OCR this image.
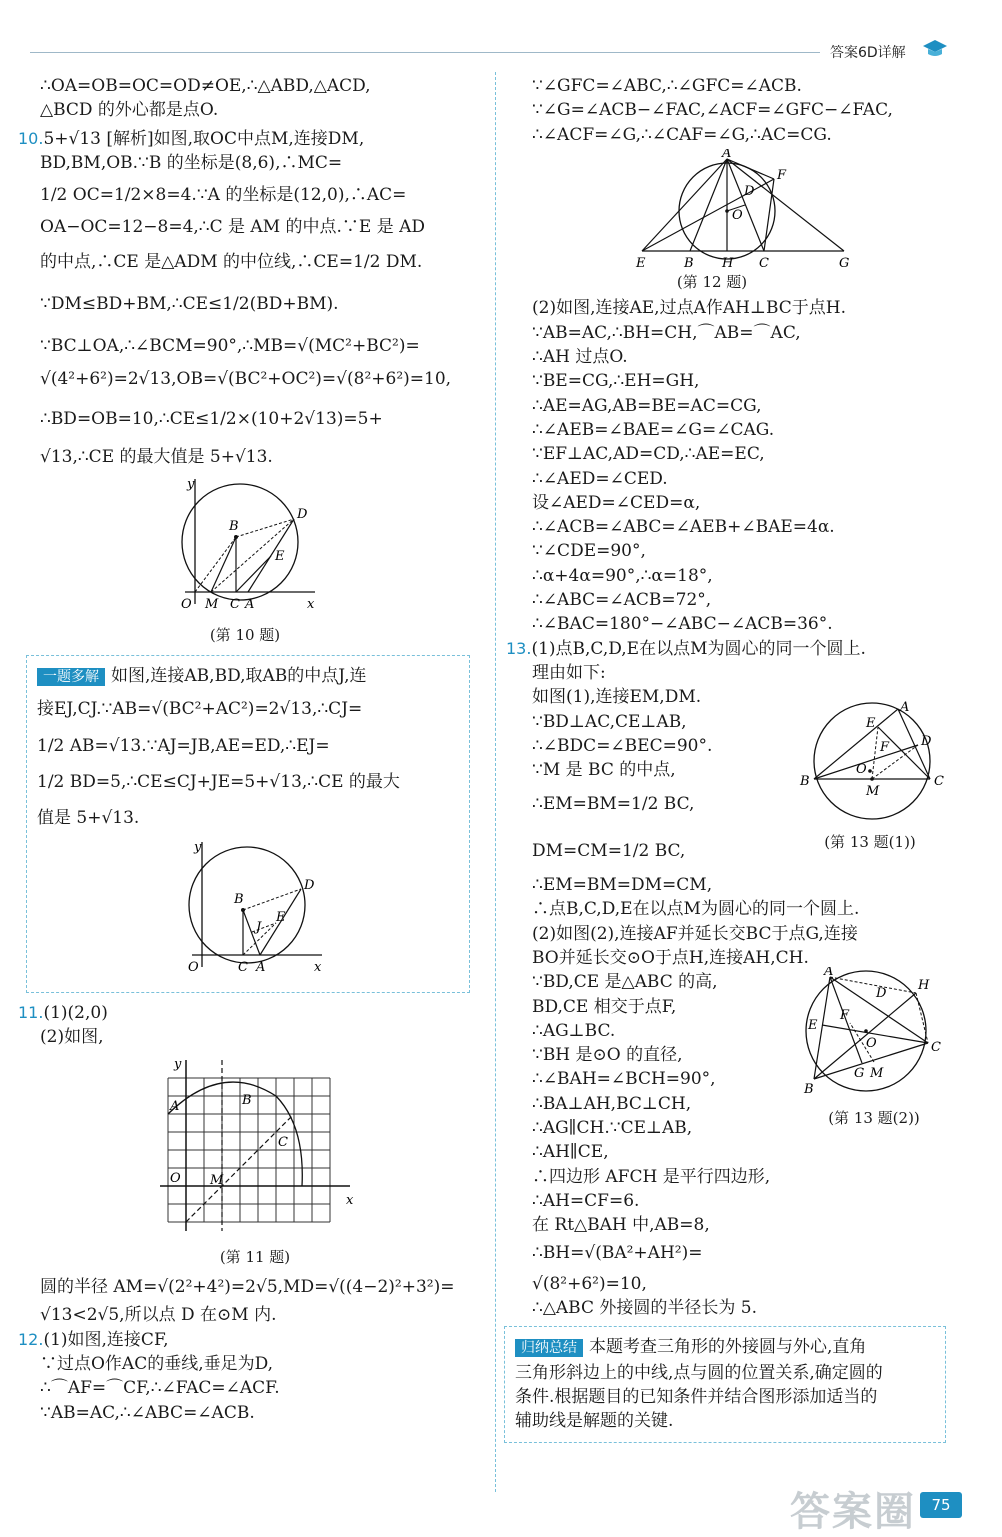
答案6D详解
∴OA=OB=OC=OD≠OE,∴△ABD,△ACD,
△BCD 的外心都是点O.
10.5+√13 [解析]如图,取OC中点M,连接DM,
BD,BM,OB.∵B 的坐标是(8,6),∴MC=
1/2 OC=1/2×8=4.∵A 的坐标是(12,0),∴AC=
OA−OC=12−8=4,∴C 是 AM 的中点.∵E 是 AD
的中点,∴CE 是△ADM 的中位线,∴CE=1/2 DM.
∵DM≤BD+BM,∴CE≤1/2(BD+BM).
∵BC⊥OA,∴∠BCM=90°,∴MB=√(MC²+BC²)=
√(4²+6²)=2√13,OB=√(BC²+OC²)=√(8²+6²)=10,
∴BD=OB=10,∴CE≤1/2×(10+2√13)=5+
√13,∴CE 的最大值是 5+√13.
y
B
D
E
O M C A	x
(第 10 题)
一题多解 如图,连接AB,BD,取AB的中点J,连
接EJ,CJ.∵AB=√(BC²+AC²)=2√13,∴CJ=
1/2 AB=√13.∵AJ=JB,AE=ED,∴EJ=
1/2 BD=5,∴CE≤CJ+JE=5+√13,∴CE 的最大
值是 5+√13.
y
B
J
D
E
O	C A	x
11.(1)(2,0)
(2)如图,
y
A	B
C
O M
x
(第 11 题)
圆的半径 AM=√(2²+4²)=2√5,MD=√((4−2)²+3²)=
√13<2√5,所以点 D 在⊙M 内.
12.(1)如图,连接CF,
∵过点O作AC的垂线,垂足为D,
∴⌒AF=⌒CF,∴∠FAC=∠ACF.
∵AB=AC,∴∠ABC=∠ACB.
∵∠GFC=∠ABC,∴∠GFC=∠ACB.
∵∠G=∠ACB−∠FAC,∠ACF=∠GFC−∠FAC,
∴∠ACF=∠G,∴∠CAF=∠G,∴AC=CG.
A
F
D
O
E	B H C	G
(第 12 题)
(2)如图,连接AE,过点A作AH⊥BC于点H.
∵AB=AC,∴BH=CH,⌒AB=⌒AC,
∴AH 过点O.
∵BE=CG,∴EH=GH,
∴AE=AG,AB=BE=AC=CG,
∴∠AEB=∠BAE=∠G=∠CAG.
∵EF⊥AC,AD=CD,∴AE=EC,
∴∠AED=∠CED.
设∠AED=∠CED=α,
∴∠ACB=∠ABC=∠AEB+∠BAE=4α.
∵∠CDE=90°,
∴α+4α=90°,∴α=18°,
∴∠ABC=∠ACB=72°,
∴∠BAC=180°−∠ABC−∠ACB=36°.
13.(1)点B,C,D,E在以点M为圆心的同一个圆上.
理由如下:
如图(1),连接EM,DM.
∵BD⊥AC,CE⊥AB,
∴∠BDC=∠BEC=90°.
∵M 是 BC 的中点,
∴EM=BM=1/2 BC,
DM=CM=1/2 BC,
∴EM=BM=DM=CM,
∴点B,C,D,E在以点M为圆心的同一个圆上.
(2)如图(2),连接AF并延长交BC于点G,连接
BO并延长交⊙O于点H,连接AH,CH.
∵BD,CE 是△ABC 的高,
BD,CE 相交于点F,
∴AG⊥BC.
∵BH 是⊙O 的直径,
∴∠BAH=∠BCH=90°,
∴BA⊥AH,BC⊥CH,
∴AG∥CH.∵CE⊥AB,
∴AH∥CE,
∴四边形 AFCH 是平行四边形,
∴AH=CF=6.
在 Rt△BAH 中,AB=8,
∴BH=√(BA²+AH²)=
√(8²+6²)=10,
∴△ABC 外接圆的半径长为 5.
A
E
D
F
O
B
M
C
(第 13 题(1))
A
H
D
E
F
O
B
G M
C
(第 13 题(2))
归纳总结 本题考查三角形的外接圆与外心,直角
三角形斜边上的中线,点与圆的位置关系,确定圆的
条件.根据题目的已知条件并结合图形添加适当的
辅助线是解题的关键.
答案圈	75
